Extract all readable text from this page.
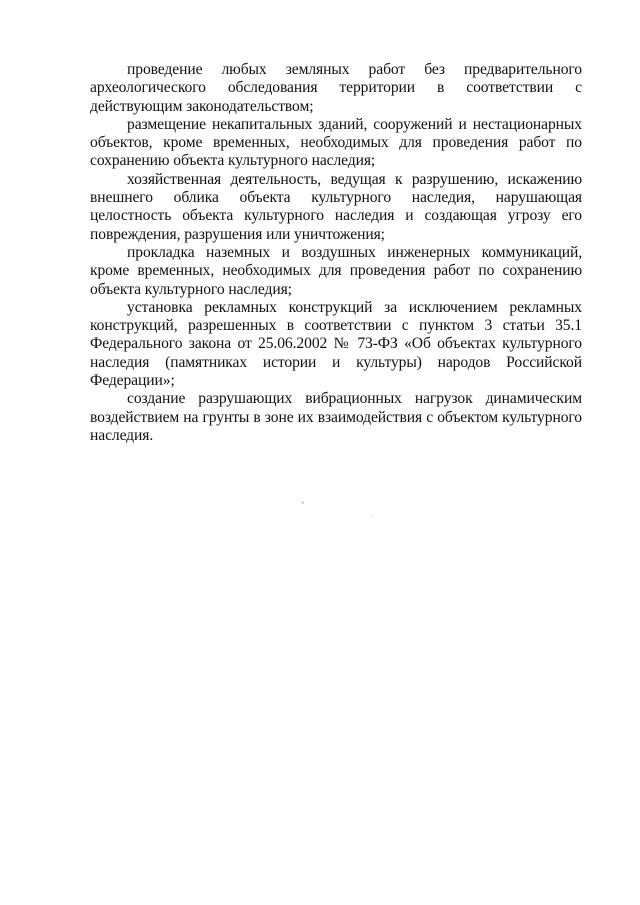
проведение любых земляных работ без предварительного археологического обследования территории в соответствии с действующим законодательством;

размещение некапитальных зданий, сооружений и нестационарных объектов, кроме временных, необходимых для проведения работ по сохранению объекта культурного наследия;

хозяйственная деятельность, ведущая к разрушению, искажению внешнего облика объекта культурного наследия, нарушающая целостность объекта культурного наследия и создающая угрозу его повреждения, разрушения или уничтожения;

прокладка наземных и воздушных инженерных коммуникаций, кроме временных, необходимых для проведения работ по сохранению объекта культурного наследия;

установка рекламных конструкций за исключением рекламных конструкций, разрешенных в соответствии с пунктом 3 статьи 35.1 Федерального закона от 25.06.2002 № 73-ФЗ «Об объектах культурного наследия (памятниках истории и культуры) народов Российской Федерации»;

создание разрушающих вибрационных нагрузок динамическим воздействием на грунты в зоне их взаимодействия с объектом культурного наследия.

`
.
